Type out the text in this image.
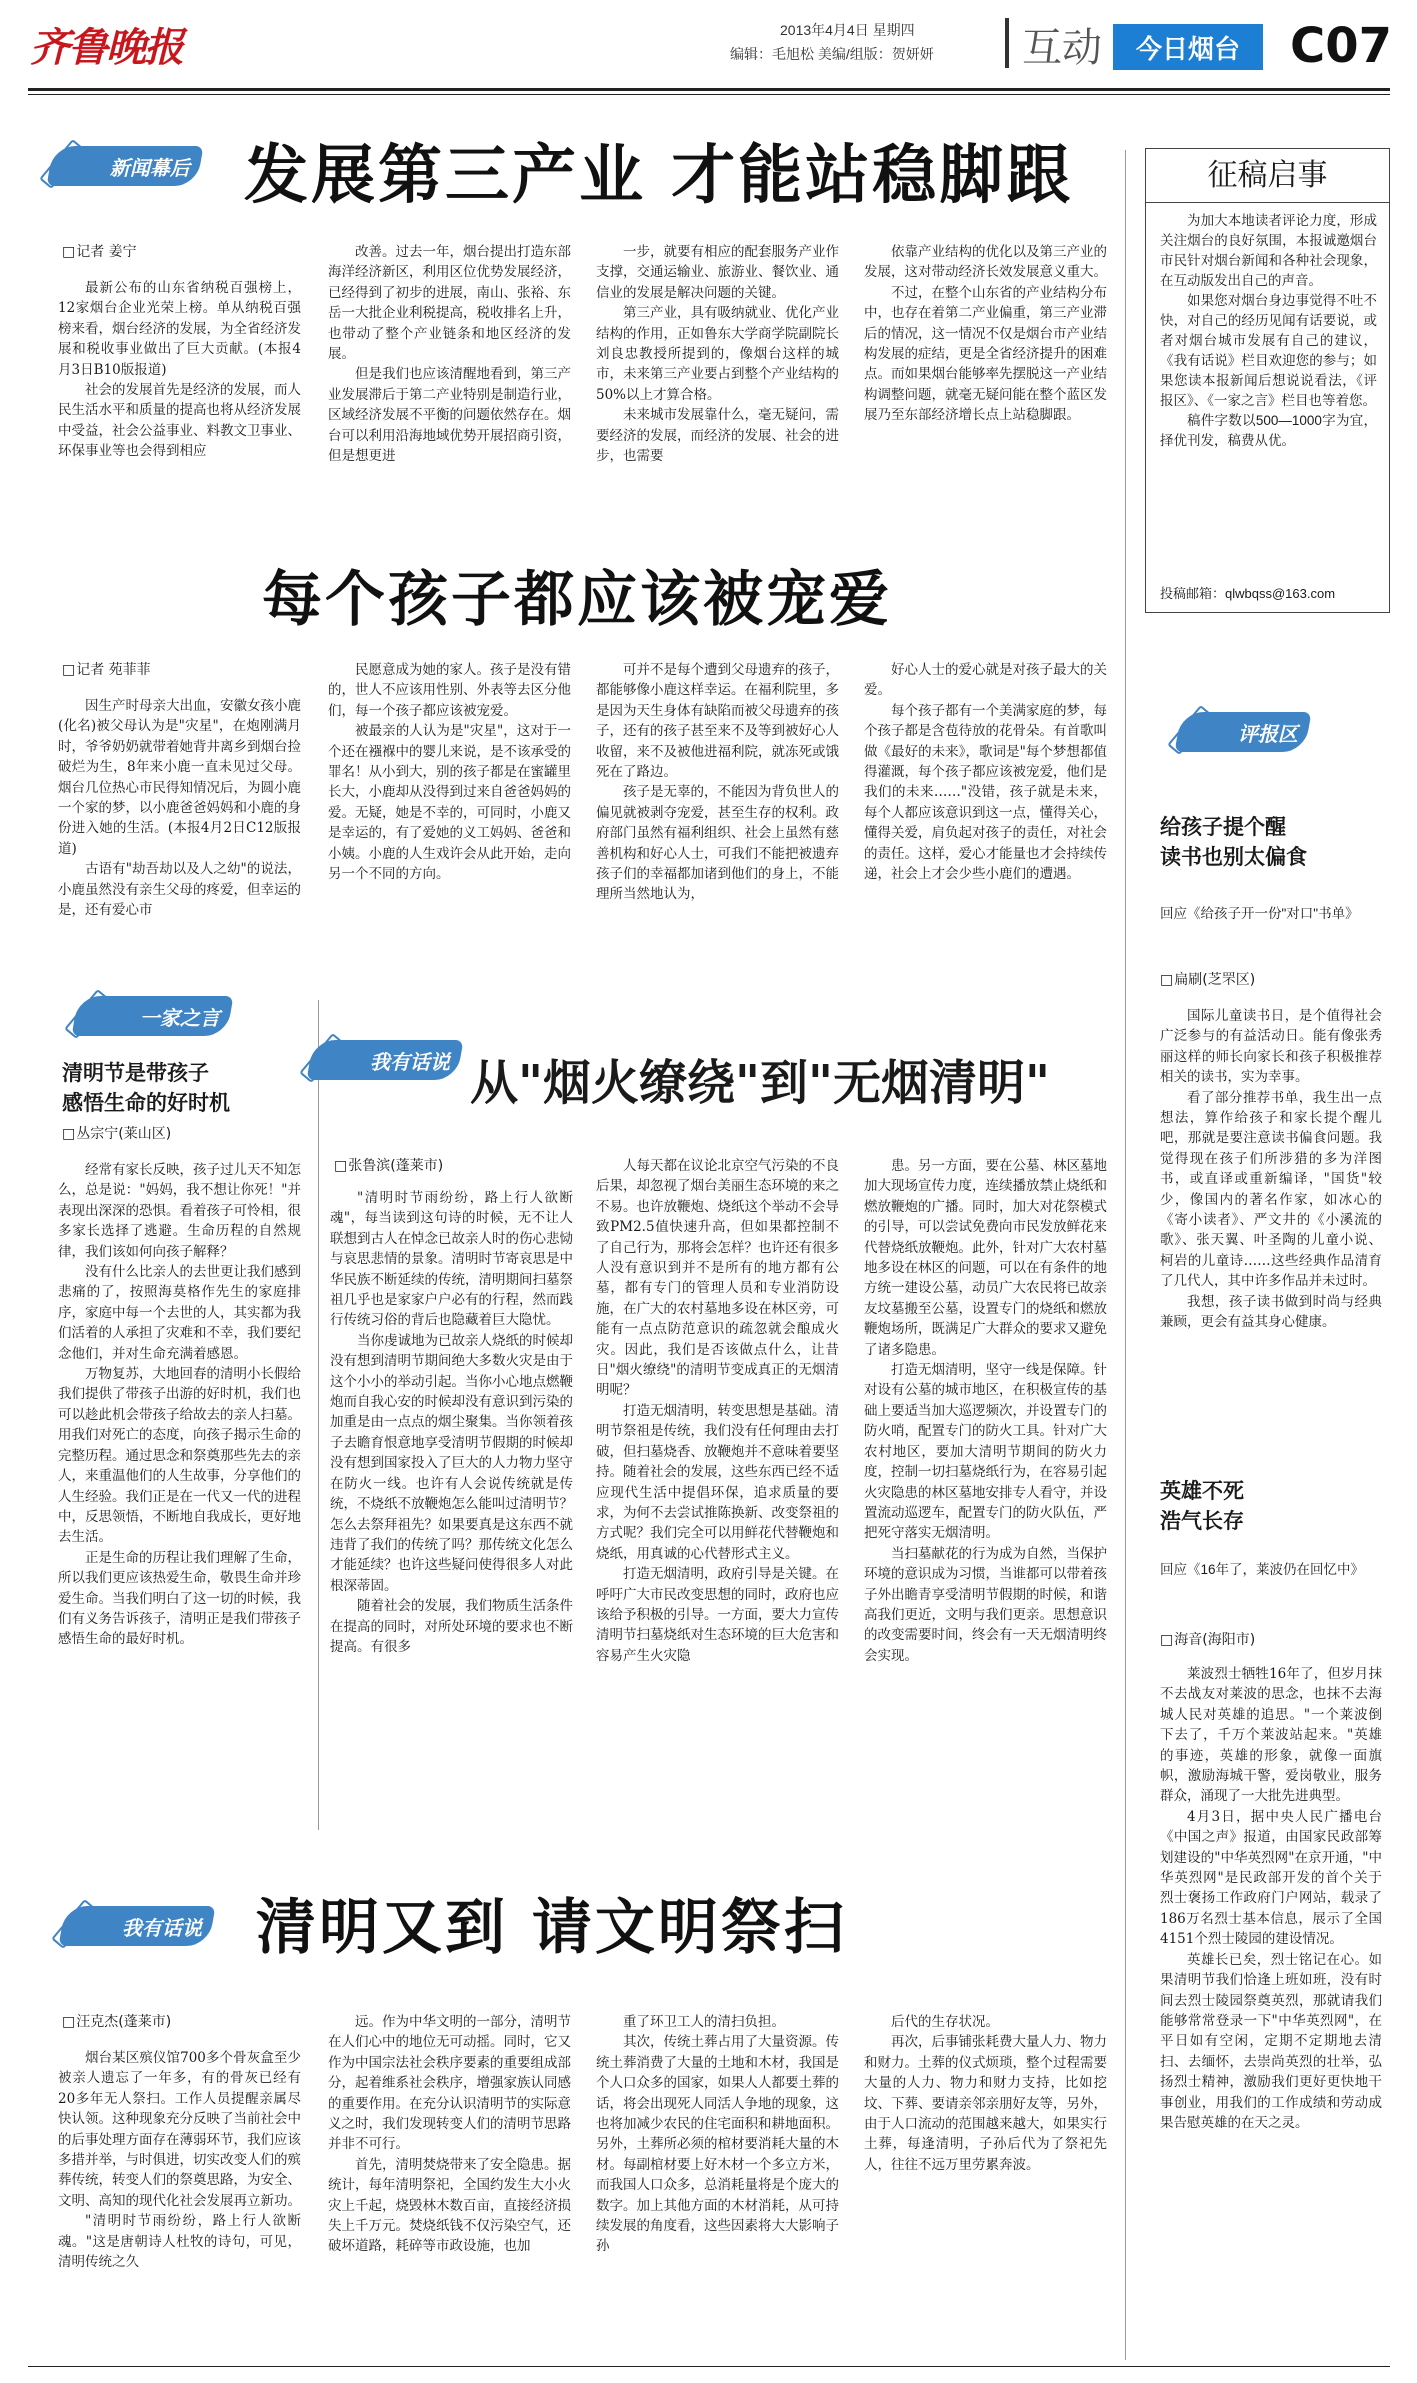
齐鲁晚报	2013年4月4日 星期四
编辑：毛旭松 美编/组版：贺妍妍 互动 今日烟台 C07
新闻幕后 发展第三产业 才能站稳脚跟
□ 记者 姜宁

最新公布的山东省纳税百强榜上，12家烟台企业光荣上榜。单从纳税百强榜来看，烟台经济的发展，为全省经济发展和税收事业做出了巨大贡献。(本报4月3日B10版报道)

社会的发展首先是经济的发展，而人民生活水平和质量的提高也将从经济发展中受益，社会公益事业、料教文卫事业、环保事业等也会得到相应

改善。过去一年，烟台提出打造东部海洋经济新区，利用区位优势发展经济，已经得到了初步的进展，南山、张裕、东岳一大批企业利税提高，税收排名上升，也带动了整个产业链条和地区经济的发展。

但是我们也应该清醒地看到，第三产业发展滞后于第二产业特别是制造行业，区域经济发展不平衡的问题依然存在。烟台可以利用沿海地域优势开展招商引资，但是想更进

一步，就要有相应的配套服务产业作支撑，交通运输业、旅游业、餐饮业、通信业的发展是解决问题的关键。

第三产业，具有吸纳就业、优化产业结构的作用，正如鲁东大学商学院副院长刘良忠教授所提到的，像烟台这样的城市，未来第三产业要占到整个产业结构的50%以上才算合格。

未来城市发展靠什么，毫无疑问，需要经济的发展，而经济的发展、社会的进步，也需要

依靠产业结构的优化以及第三产业的发展，这对带动经济长效发展意义重大。

不过，在整个山东省的产业结构分布中，也存在着第二产业偏重，第三产业滞后的情况，这一情况不仅是烟台市产业结构发展的症结，更是全省经济提升的困难点。而如果烟台能够率先摆脱这一产业结构调整问题，就毫无疑问能在整个蓝区发展乃至东部经济增长点上站稳脚跟。

征稿启事

为加大本地读者评论力度，形成关注烟台的良好氛围，本报诚邀烟台市民针对烟台新闻和各种社会现象，在互动版发出自己的声音。

如果您对烟台身边事觉得不吐不快，对自己的经历见闻有话要说，或者对烟台城市发展有自己的建议，《我有话说》栏目欢迎您的参与；如果您读本报新闻后想说说看法，《评报区》、《一家之言》栏目也等着您。

稿件字数以500—1000字为宜，择优刊发，稿费从优。

投稿邮箱：qlwbqss@163.com
每个孩子都应该被宠爱
□ 记者 苑菲菲

因生产时母亲大出血，安徽女孩小鹿(化名)被父母认为是"灾星"，在炮刚满月时，爷爷奶奶就带着她背井离乡到烟台捡破烂为生，8年来小鹿一直未见过父母。烟台几位热心市民得知情况后，为圆小鹿一个家的梦，以小鹿爸爸妈妈和小鹿的身份进入她的生活。(本报4月2日C12版报道)

古语有"劫吾劫以及人之幼"的说法，小鹿虽然没有亲生父母的疼爱，但幸运的是，还有爱心市

民愿意成为她的家人。孩子是没有错的，世人不应该用性别、外表等去区分他们，每一个孩子都应该被宠爱。

被最亲的人认为是"灾星"，这对于一个还在襁褓中的婴儿来说，是不该承受的罪名！从小到大，别的孩子都是在蜜罐里长大，小鹿却从没得到过来自爸爸妈妈的爱。无疑，她是不幸的，可同时，小鹿又是幸运的，有了爱她的义工妈妈、爸爸和小姨。小鹿的人生戏许会从此开始，走向另一个不同的方向。

可并不是每个遭到父母遗弃的孩子，都能够像小鹿这样幸运。在福利院里，多是因为天生身体有缺陷而被父母遗弃的孩子，还有的孩子甚至来不及等到被好心人收留，来不及被他进福利院，就冻死或饿死在了路边。

孩子是无辜的，不能因为背负世人的偏见就被剥夺宠爱，甚至生存的权利。政府部门虽然有福利组织、社会上虽然有慈善机构和好心人士，可我们不能把被遗弃孩子们的幸福都加诸到他们的身上，不能理所当然地认为，

好心人士的爱心就是对孩子最大的关爱。

每个孩子都有一个美满家庭的梦，每个孩子都是含苞待放的花骨朵。有首歌叫做《最好的未来》，歌词是"每个梦想都值得灌溉，每个孩子都应该被宠爱，他们是我们的未来……"没错，孩子就是未来，每个人都应该意识到这一点，懂得关心，懂得关爱，肩负起对孩子的责任，对社会的责任。这样，爱心才能量也才会持续传递，社会上才会少些小鹿们的遭遇。

评报区
给孩子提个醒
读书也别太偏食
回应《给孩子开一份"对口"书单》
□ 扁刷(芝罘区)

国际儿童读书日，是个值得社会广泛参与的有益活动日。能有像张秀丽这样的师长向家长和孩子积极推荐相关的读书，实为幸事。

看了部分推荐书单，我生出一点想法，算作给孩子和家长提个醒儿吧，那就是要注意读书偏食问题。我觉得现在孩子们所涉猎的多为洋图书，或直译或重新编译，"国货"较少，像国内的著名作家，如冰心的《寄小读者》、严文井的《小溪流的歌》、张天翼、叶圣陶的儿童小说、柯岩的儿童诗……这些经典作品清育了几代人，其中许多作品并未过时。

我想，孩子读书做到时尚与经典兼顾，更会有益其身心健康。

一家之言
清明节是带孩子
感悟生命的好时机
□ 丛宗宁(莱山区)

经常有家长反映，孩子过儿天不知怎么，总是说："妈妈，我不想让你死！"并表现出深深的恐惧。看着孩子可怜相，很多家长选择了逃避。生命历程的自然规律，我们该如何向孩子解释？

没有什么比亲人的去世更让我们感到悲痛的了，按照海莫格作先生的家庭排序，家庭中每一个去世的人，其实都为我们活着的人承担了灾难和不幸，我们要纪念他们，并对生命充满着感恩。

万物复苏，大地回春的清明小长假给我们提供了带孩子出游的好时机，我们也可以趁此机会带孩子给故去的亲人扫墓。用我们对死亡的态度，向孩子揭示生命的完整历程。通过思念和祭奠那些先去的亲人，来重温他们的人生故事，分享他们的人生经验。我们正是在一代又一代的进程中，反思领悟，不断地自我成长，更好地去生活。

正是生命的历程让我们理解了生命，所以我们更应该热爱生命，敬畏生命并珍爱生命。当我们明白了这一切的时候，我们有义务告诉孩子，清明正是我们带孩子感悟生命的最好时机。

我有话说 从"烟火缭绕"到"无烟清明"
□ 张鲁滨(蓬莱市)

"清明时节雨纷纷，路上行人欲断魂"，每当读到这句诗的时候，无不让人联想到古人在悼念已故亲人时的伤心悲恸与哀思悲情的景象。清明时节寄哀思是中华民族不断延续的传统，清明期间扫墓祭祖几乎也是家家户户必有的行程，然而践行传统习俗的背后也隐藏着巨大隐忧。

当你虔诚地为已故亲人烧纸的时候却没有想到清明节期间绝大多数火灾是由于这个小小的举动引起。当你小心地点燃鞭炮而自我心安的时候却没有意识到污染的加重是由一点点的烟尘聚集。当你领着孩子去瞻育恨意地享受清明节假期的时候却没有想到国家投入了巨大的人力物力坚守在防火一线。也许有人会说传统就是传统，不烧纸不放鞭炮怎么能叫过清明节？怎么去祭拜祖先？如果要真是这东西不就违背了我们的传统了吗？那传统文化怎么才能延续？也许这些疑问使得很多人对此根深蒂固。

随着社会的发展，我们物质生活条件在提高的同时，对所处环境的要求也不断提高。有很多

人每天都在议论北京空气污染的不良后果，却忽视了烟台美丽生态环境的来之不易。也许放鞭炮、烧纸这个举动不会导致PM2.5值快速升高，但如果都控制不了自己行为，那将会怎样？也许还有很多人没有意识到并不是所有的地方都有公墓，都有专门的管理人员和专业消防设施，在广大的农村墓地多设在林区旁，可能有一点点防范意识的疏忽就会酿成火灾。因此，我们是否该做点什么，让昔日"烟火缭绕"的清明节变成真正的无烟清明呢？

打造无烟清明，转变思想是基础。清明节祭祖是传统，我们没有任何理由去打破，但扫墓烧香、放鞭炮并不意味着要坚持。随着社会的发展，这些东西已经不适应现代生活中提倡环保，追求质量的要求，为何不去尝试推陈换新、改变祭祖的方式呢？我们完全可以用鲜花代替鞭炮和烧纸，用真诚的心代替形式主义。

打造无烟清明，政府引导是关键。在呼吁广大市民改变思想的同时，政府也应该给予积极的引导。一方面，要大力宣传清明节扫墓烧纸对生态环境的巨大危害和容易产生火灾隐

患。另一方面，要在公墓、林区墓地加大现场宣传力度，连续播放禁止烧纸和燃放鞭炮的广播。同时，加大对花祭模式的引导，可以尝试免费向市民发放鲜花来代替烧纸放鞭炮。此外，针对广大农村墓地多设在林区的问题，可以在有条件的地方统一建设公墓，动员广大农民将已故亲友坟墓搬至公墓，设置专门的烧纸和燃放鞭炮场所，既满足广大群众的要求又避免了诸多隐患。

打造无烟清明，坚守一线是保障。针对设有公墓的城市地区，在积极宣传的基础上要适当加大巡逻频次，并设置专门的防火哨，配置专门的防火工具。针对广大农村地区，要加大清明节期间的防火力度，控制一切扫墓烧纸行为，在容易引起火灾隐患的林区墓地安排专人看守，并设置流动巡逻车，配置专门的防火队伍，严把死守落实无烟清明。

当扫墓献花的行为成为自然，当保护环境的意识成为习惯，当谁都可以带着孩子外出瞻青享受清明节假期的时候，和谐高我们更近，文明与我们更亲。思想意识的改变需要时间，终会有一天无烟清明终会实现。

英雄不死
浩气长存
回应《16年了，莱波仍在回忆中》
□ 海音(海阳市)

莱波烈士牺牲16年了，但岁月抹不去战友对莱波的思念，也抹不去海城人民对英雄的追思。"一个莱波倒下去了，千万个莱波站起来。"英雄的事迹，英雄的形象，就像一面旗帜，激励海城干警，爱岗敬业，服务群众，涌现了一大批先进典型。

4月3日，据中央人民广播电台《中国之声》报道，由国家民政部筹划建设的"中华英烈网"在京开通，"中华英烈网"是民政部开发的首个关于烈士褒扬工作政府门户网站，载录了186万名烈士基本信息，展示了全国4151个烈士陵园的建设情况。

英雄长已矣，烈士铭记在心。如果清明节我们恰逢上班如班，没有时间去烈士陵园祭奠英烈，那就请我们能够常常登录一下"中华英烈网"，在平日如有空闲，定期不定期地去清扫、去缅怀，去崇尚英烈的壮举，弘扬烈士精神，激励我们更好更快地干事创业，用我们的工作成绩和劳动成果告慰英雄的在天之灵。

我有话说 清明又到 请文明祭扫
□ 汪克杰(蓬莱市)

烟台某区殡仪馆700多个骨灰盒至少被亲人遗忘了一年多，有的骨灰已经有20多年无人祭扫。工作人员提醒亲属尽快认领。这种现象充分反映了当前社会中的后事处理方面存在薄弱环节，我们应该多措并举，与时俱进，切实改变人们的殡葬传统，转变人们的祭奠思路，为安全、文明、高知的现代化社会发展再立新功。

"清明时节雨纷纷，路上行人欲断魂。"这是唐朝诗人杜牧的诗句，可见，清明传统之久

远。作为中华文明的一部分，清明节在人们心中的地位无可动摇。同时，它又作为中国宗法社会秩序要素的重要组成部分，起着维系社会秩序，增强家族认同感的重要作用。在充分认识清明节的实际意义之时，我们发现转变人们的清明节思路并非不可行。

首先，清明焚烧带来了安全隐患。据统计，每年清明祭祀，全国约发生大小火灾上千起，烧毁林木数百亩，直接经济损失上千万元。焚烧纸钱不仅污染空气，还破坏道路，耗碎等市政设施，也加

重了环卫工人的清扫负担。

其次，传统土葬占用了大量资源。传统土葬消费了大量的土地和木材，我国是个人口众多的国家，如果人人都要土葬的话，将会出现死人同活人争地的现象，这也将加减少农民的住宅面积和耕地面积。另外，土葬所必须的棺材要消耗大量的木材。每副棺材要上好木材一个多立方米，而我国人口众多，总消耗量将是个庞大的数字。加上其他方面的木材消耗，从可持续发展的角度看，这些因素将大大影响子孙

后代的生存状况。

再次，后事铺张耗费大量人力、物力和财力。土葬的仪式烦琐，整个过程需要大量的人力、物力和财力支持，比如挖坟、下葬、要请亲邻亲朋好友等，另外，由于人口流动的范围越来越大，如果实行土葬，每逢清明，子孙后代为了祭祀先人，往往不远万里劳累奔波。
